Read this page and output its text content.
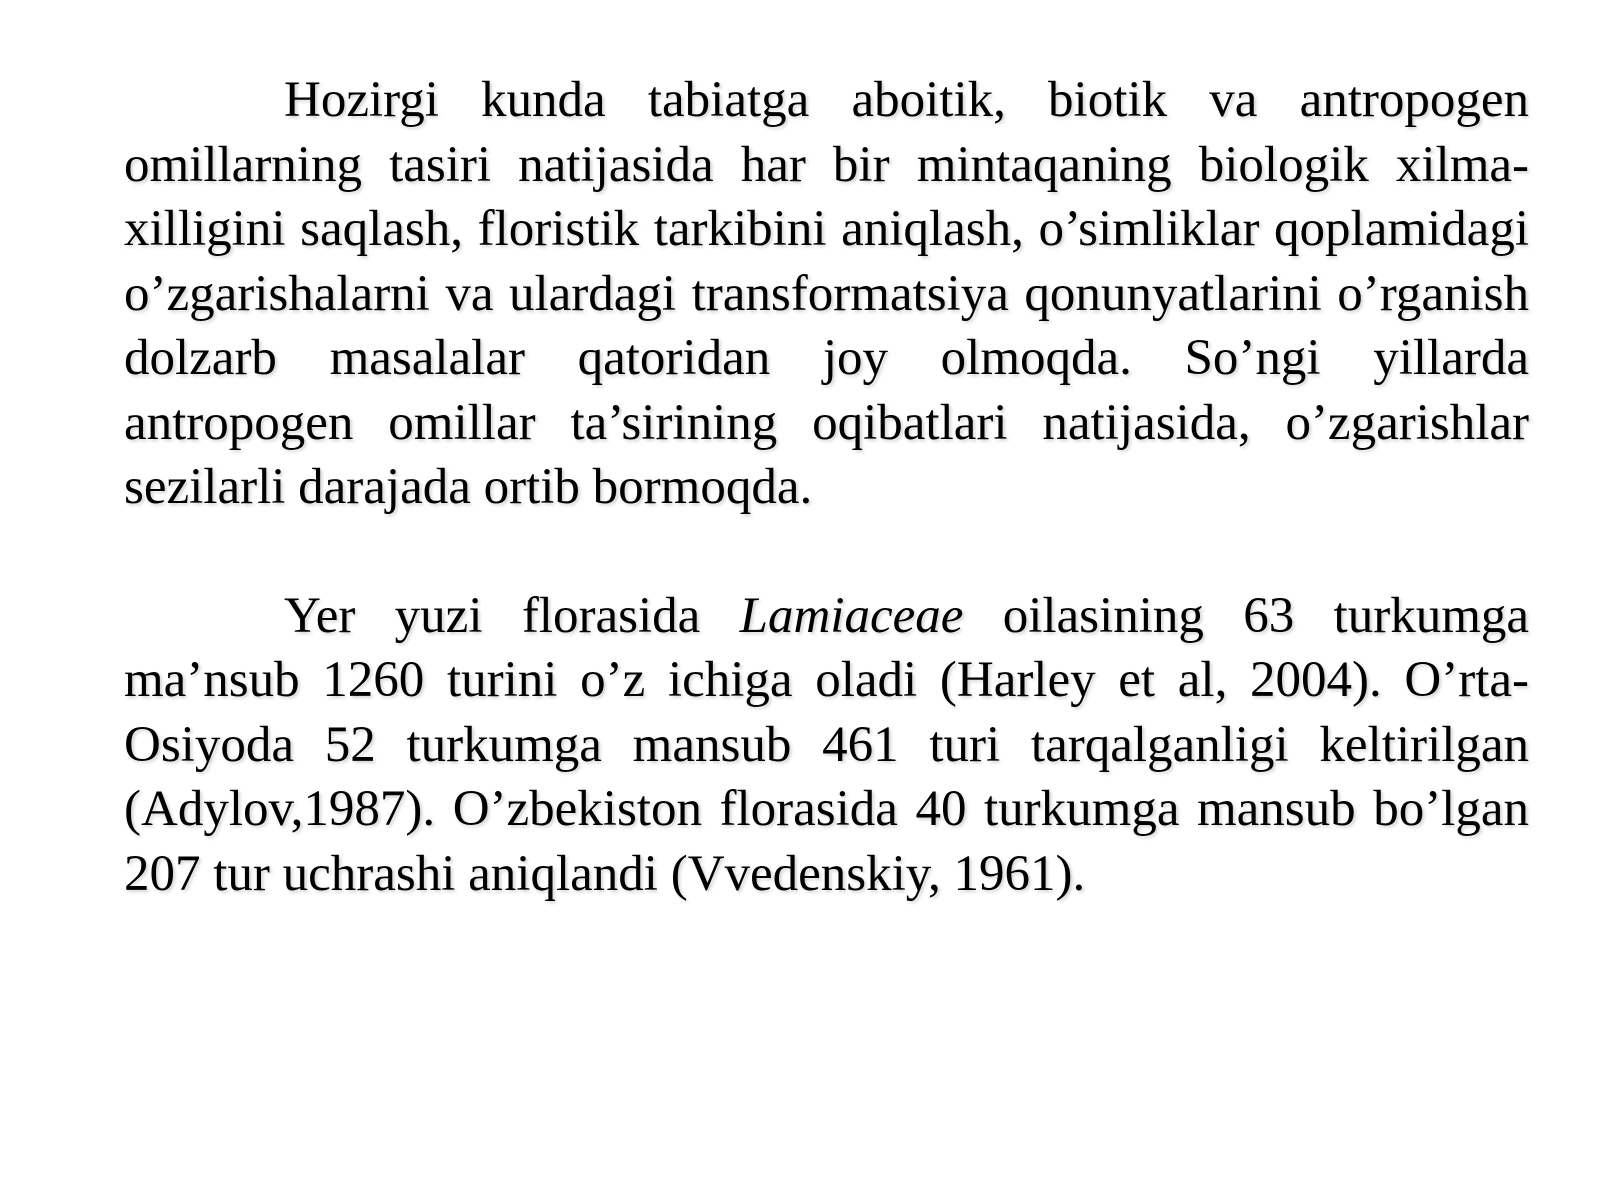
Hozirgi kunda tabiatga aboitik, biotik va antropogen omillarning tasiri natijasida har bir mintaqaning biologik xilma-xilligini saqlash, floristik tarkibini aniqlash, o’simliklar qoplamidagi o’zgarishalarni va ulardagi transformatsiya qonunyatlarini o’rganish dolzarb masalalar qatoridan joy olmoqda. So’ngi yillarda antropogen omillar ta’sirining oqibatlari natijasida, o’zgarishlar sezilarli darajada ortib bormoqda.

Yer yuzi florasida Lamiaceae oilasining 63 turkumga ma’nsub 1260 turini o’z ichiga oladi (Harley et al, 2004). O’rta-Osiyoda 52 turkumga mansub 461 turi tarqalganligi keltirilgan (Adylov,1987). O’zbekiston florasida 40 turkumga mansub bo’lgan 207 tur uchrashi aniqlandi (Vvedenskiy, 1961).
